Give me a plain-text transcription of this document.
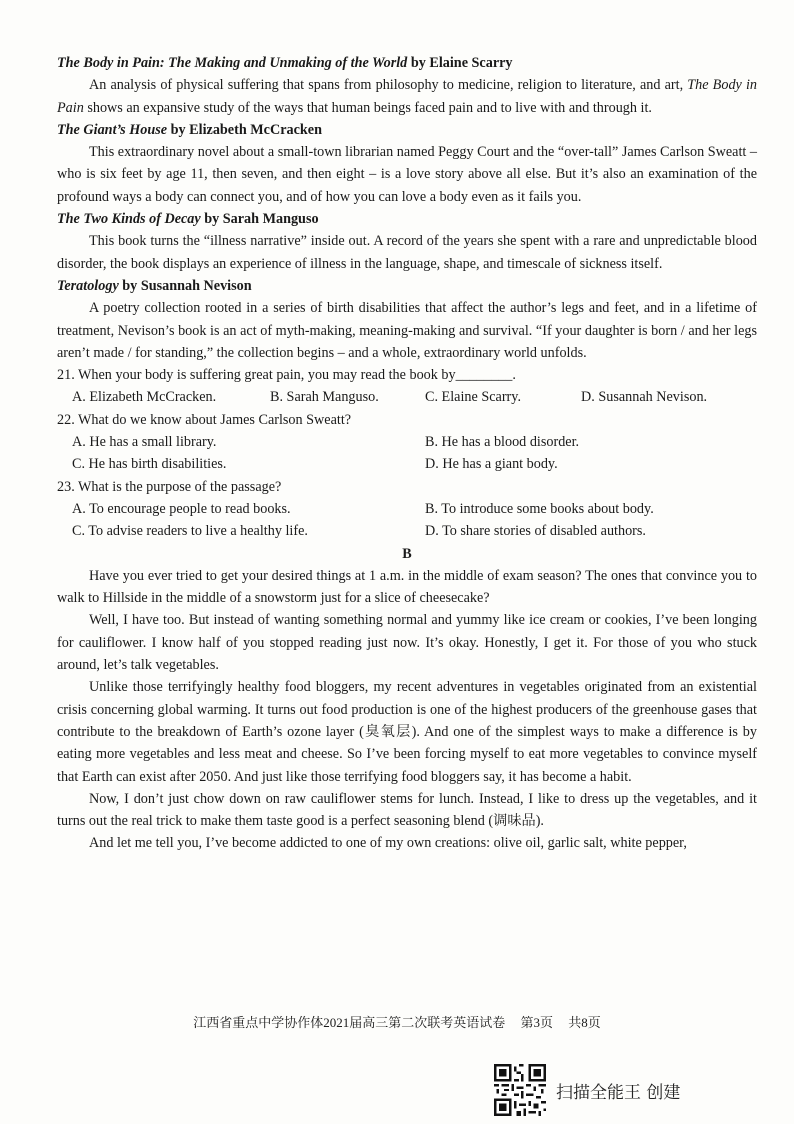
The Body in Pain: The Making and Unmaking of the World by Elaine Scarry

An analysis of physical suffering that spans from philosophy to medicine, religion to literature, and art, The Body in Pain shows an expansive study of the ways that human beings faced pain and to live with and through it.

The Giant’s House by Elizabeth McCracken

This extraordinary novel about a small-town librarian named Peggy Court and the “over-tall” James Carlson Sweatt – who is six feet by age 11, then seven, and then eight – is a love story above all else. But it’s also an examination of the profound ways a body can connect you, and of how you can love a body even as it fails you.

The Two Kinds of Decay by Sarah Manguso

This book turns the “illness narrative” inside out. A record of the years she spent with a rare and unpredictable blood disorder, the book displays an experience of illness in the language, shape, and timescale of sickness itself.

Teratology by Susannah Nevison

A poetry collection rooted in a series of birth disabilities that affect the author’s legs and feet, and in a lifetime of treatment, Nevison’s book is an act of myth-making, meaning-making and survival. “If your daughter is born / and her legs aren’t made / for standing,” the collection begins – and a whole, extraordinary world unfolds.

21. When your body is suffering great pain, you may read the book by________.

A. Elizabeth McCracken.	B. Sarah Manguso.	C. Elaine Scarry.	D. Susannah Nevison.

22. What do we know about James Carlson Sweatt?

A. He has a small library.	B. He has a blood disorder.
C. He has birth disabilities.	D. He has a giant body.

23. What is the purpose of the passage?

A. To encourage people to read books.	B. To introduce some books about body.
C. To advise readers to live a healthy life.	D. To share stories of disabled authors.

B

Have you ever tried to get your desired things at 1 a.m. in the middle of exam season? The ones that convince you to walk to Hillside in the middle of a snowstorm just for a slice of cheesecake?

Well, I have too. But instead of wanting something normal and yummy like ice cream or cookies, I’ve been longing for cauliflower. I know half of you stopped reading just now. It’s okay. Honestly, I get it. For those of you who stuck around, let’s talk vegetables.

Unlike those terrifyingly healthy food bloggers, my recent adventures in vegetables originated from an existential crisis concerning global warming. It turns out food production is one of the highest producers of the greenhouse gases that contribute to the breakdown of Earth’s ozone layer (臭氧层). And one of the simplest ways to make a difference is by eating more vegetables and less meat and cheese. So I’ve been forcing myself to eat more vegetables to convince myself that Earth can exist after 2050. And just like those terrifying food bloggers say, it has become a habit.

Now, I don’t just chow down on raw cauliflower stems for lunch. Instead, I like to dress up the vegetables, and it turns out the real trick to make them taste good is a perfect seasoning blend (调味品).

And let me tell you, I’ve become addicted to one of my own creations: olive oil, garlic salt, white pepper,

江西省重点中学协作体2021届高三第二次联考英语试卷 第3页 共8页
扫描全能王 创建
